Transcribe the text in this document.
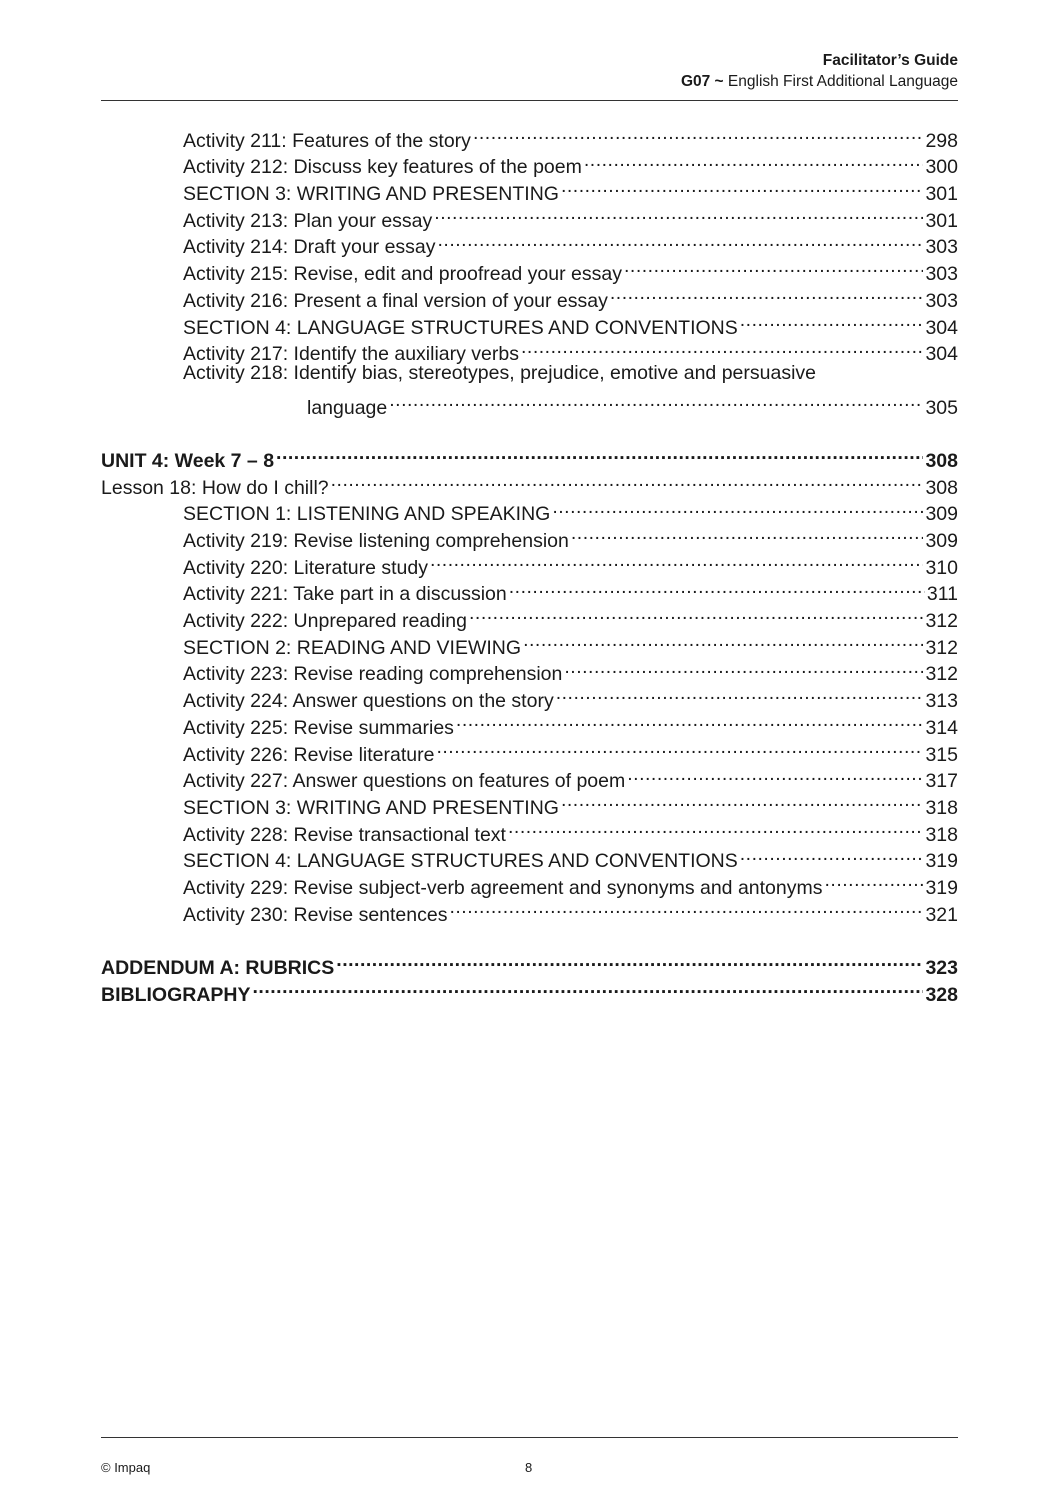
Facilitator’s Guide
G07 ~ English First Additional Language
Activity 211: Features of the story .....	298
Activity 212: Discuss key features of the poem .....	300
SECTION 3: WRITING AND PRESENTING .....	301
Activity 213: Plan your essay .....	301
Activity 214: Draft your essay .....	303
Activity 215: Revise, edit and proofread your essay .....	303
Activity 216: Present a final version of your essay .....	303
SECTION 4: LANGUAGE STRUCTURES AND CONVENTIONS .....	304
Activity 217: Identify the auxiliary verbs .....	304
Activity 218: Identify bias, stereotypes, prejudice, emotive and persuasive
language .....	305
UNIT 4: Week 7 – 8 .....	308
Lesson 18: How do I chill? .....	308
SECTION 1: LISTENING AND SPEAKING .....	309
Activity 219: Revise listening comprehension .....	309
Activity 220: Literature study .....	310
Activity 221: Take part in a discussion .....	311
Activity 222: Unprepared reading .....	312
SECTION 2: READING AND VIEWING .....	312
Activity 223: Revise reading comprehension .....	312
Activity 224: Answer questions on the story .....	313
Activity 225: Revise summaries .....	314
Activity 226: Revise literature .....	315
Activity 227: Answer questions on features of poem .....	317
SECTION 3: WRITING AND PRESENTING .....	318
Activity 228: Revise transactional text .....	318
SECTION 4: LANGUAGE STRUCTURES AND CONVENTIONS .....	319
Activity 229: Revise subject-verb agreement and synonyms and antonyms .....	319
Activity 230: Revise sentences .....	321
ADDENDUM A: RUBRICS .....	323
BIBLIOGRAPHY .....	328
© Impaq	8
